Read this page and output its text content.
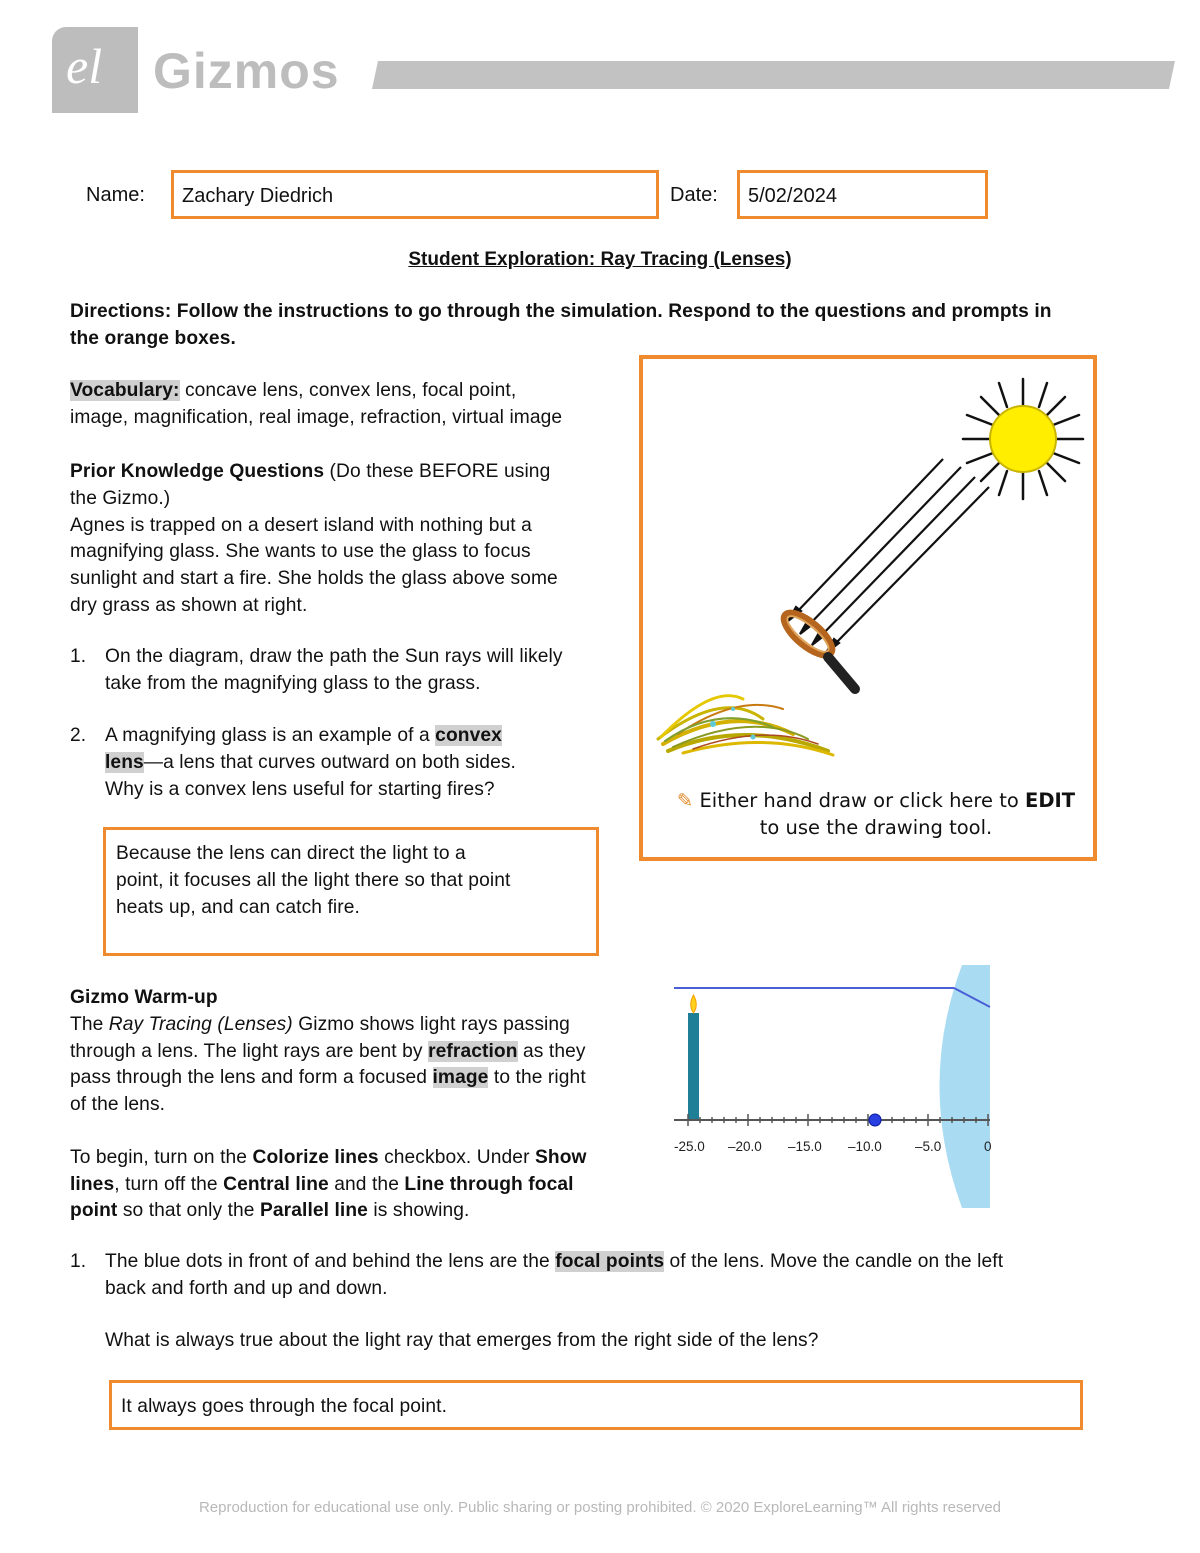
el Gizmos
Name: Zachary Diedrich	Date: 5/02/2024
Student Exploration: Ray Tracing (Lenses)
Directions: Follow the instructions to go through the simulation. Respond to the questions and prompts in the orange boxes.
Vocabulary: concave lens, convex lens, focal point,
image, magnification, real image, refraction, virtual image
Prior Knowledge Questions (Do these BEFORE using
the Gizmo.)
Agnes is trapped on a desert island with nothing but a
magnifying glass. She wants to use the glass to focus
sunlight and start a fire. She holds the glass above some
dry grass as shown at right.
1. On the diagram, draw the path the Sun rays will likely
take from the magnifying glass to the grass.
2. A magnifying glass is an example of a convex
lens—a lens that curves outward on both sides.
Why is a convex lens useful for starting fires?
Because the lens can direct the light to a
point, it focuses all the light there so that point
heats up, and can catch fire.
✎ Either hand draw or click here to EDIT
to use the drawing tool.
Gizmo Warm-up
The Ray Tracing (Lenses) Gizmo shows light rays passing
through a lens. The light rays are bent by refraction as they
pass through the lens and form a focused image to the right
of the lens.
To begin, turn on the Colorize lines checkbox. Under Show
lines, turn off the Central line and the Line through focal
point so that only the Parallel line is showing.
-25.0 –20.0 –15.0 –10.0 –5.0	0
1. The blue dots in front of and behind the lens are the focal points of the lens. Move the candle on the left
back and forth and up and down.
What is always true about the light ray that emerges from the right side of the lens?
It always goes through the focal point.
Reproduction for educational use only. Public sharing or posting prohibited. © 2020 ExploreLearning™ All rights reserved
